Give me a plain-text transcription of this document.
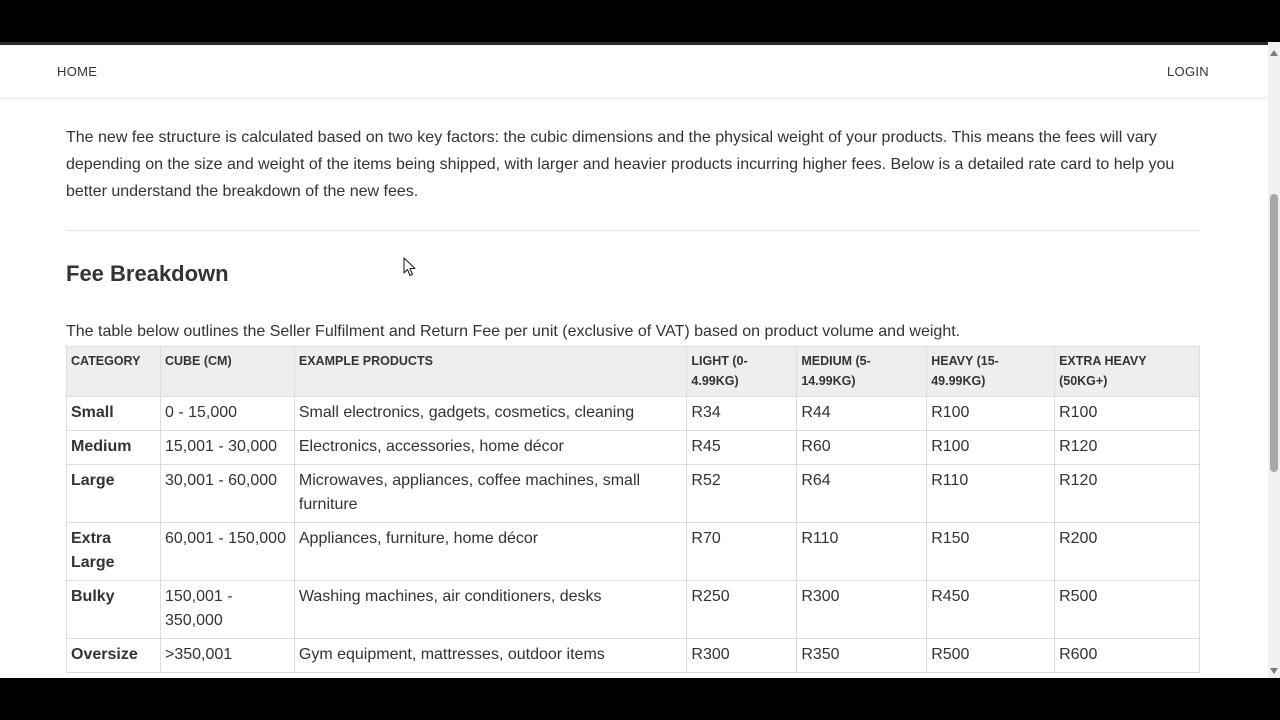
HOME	LOGIN

The new fee structure is calculated based on two key factors: the cubic dimensions and the physical weight of your products. This means the fees will vary depending on the size and weight of the items being shipped, with larger and heavier products incurring higher fees. Below is a detailed rate card to help you better understand the breakdown of the new fees.

Fee Breakdown

The table below outlines the Seller Fulfilment and Return Fee per unit (exclusive of VAT) based on product volume and weight.

CATEGORY	CUBE (CM)	EXAMPLE PRODUCTS	LIGHT (0-4.99KG)	MEDIUM (5-14.99KG)	HEAVY (15-49.99KG)	EXTRA HEAVY (50KG+)
Small	0 - 15,000	Small electronics, gadgets, cosmetics, cleaning	R34	R44	R100	R100
Medium	15,001 - 30,000	Electronics, accessories, home décor	R45	R60	R100	R120
Large	30,001 - 60,000	Microwaves, appliances, coffee machines, small furniture	R52	R64	R110	R120
Extra Large	60,001 - 150,000	Appliances, furniture, home décor	R70	R110	R150	R200
Bulky	150,001 - 350,000	Washing machines, air conditioners, desks	R250	R300	R450	R500
Oversize	>350,001	Gym equipment, mattresses, outdoor items	R300	R350	R500	R600
